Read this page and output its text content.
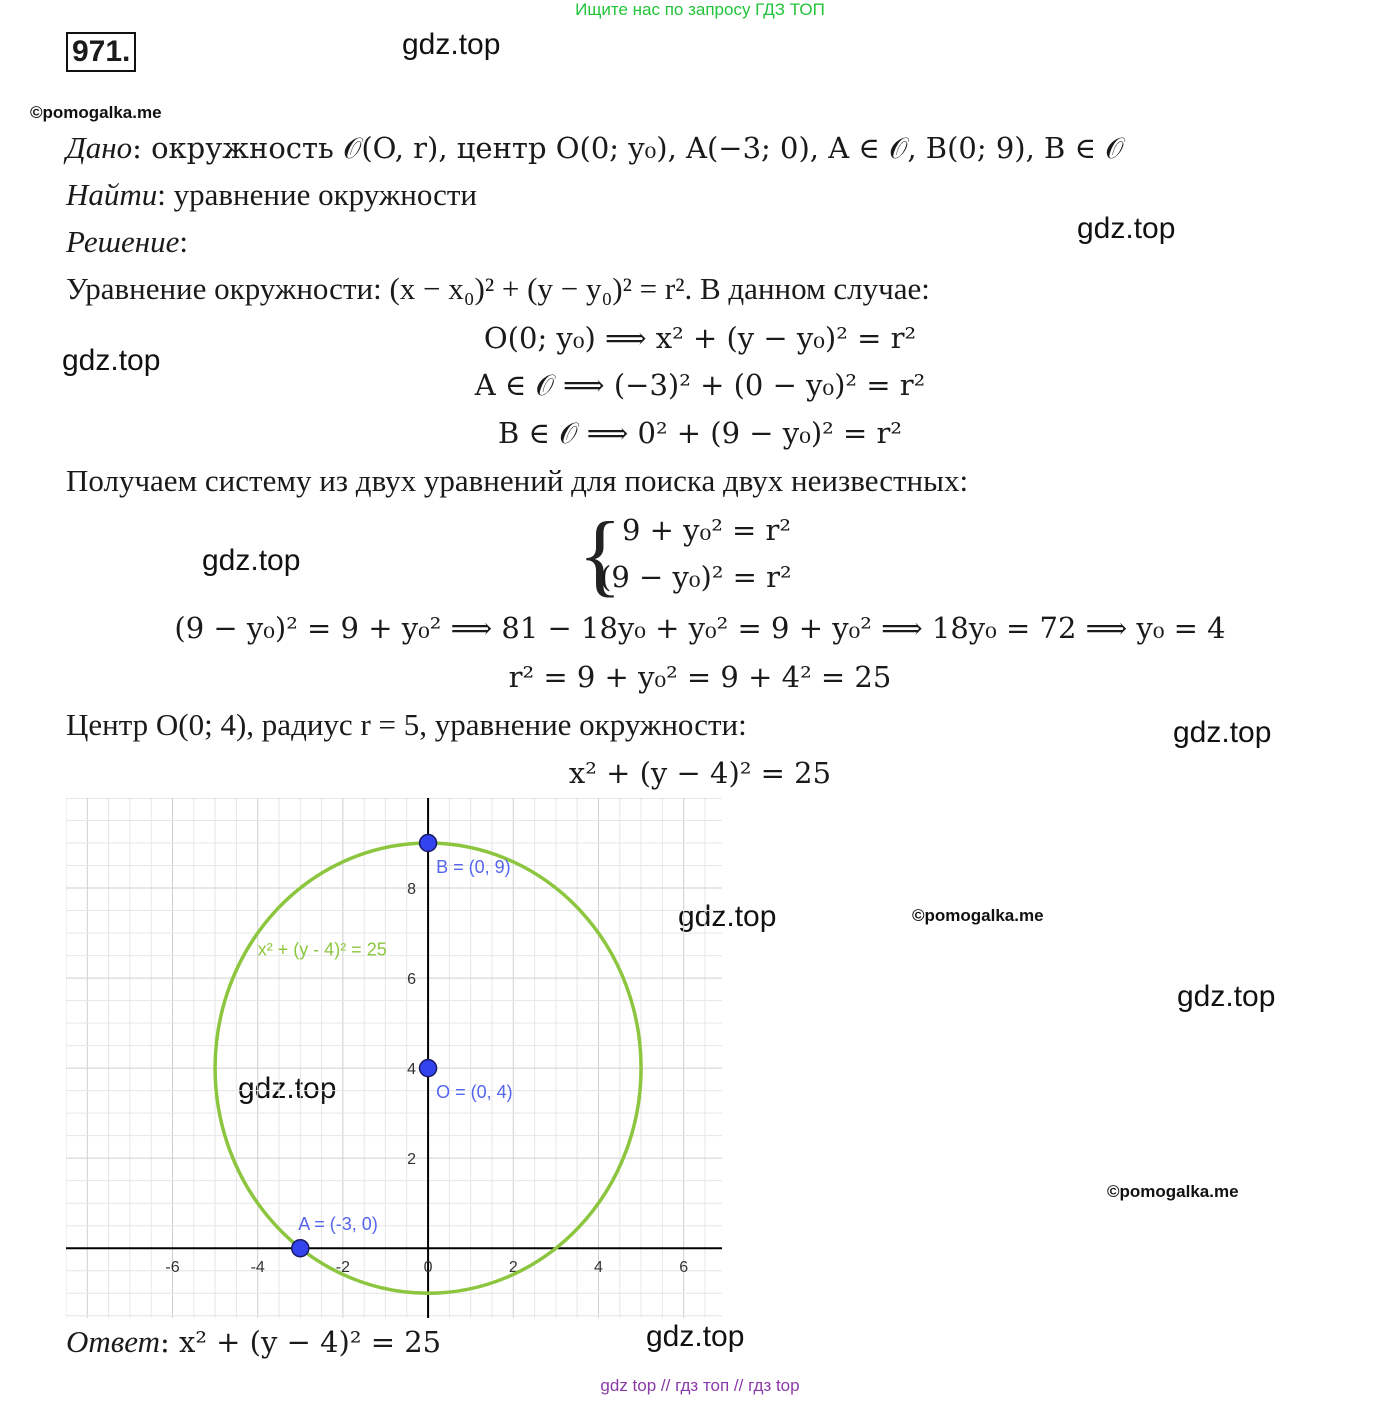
Ищите нас по запросу ГДЗ ТОП
971.	gdz.top
gdz.top
gdz.top
gdz.top
gdz.top
gdz.top
gdz.top
gdz.top
gdz.top
©pomogalka.me
©pomogalka.me
©pomogalka.me
Дано: окружность 𝒪(O, r), центр O(0; y₀), A(−3; 0), A ∈ 𝒪, B(0; 9), B ∈ 𝒪
Найти: уравнение окружности
Решение:
Уравнение окружности: (x − x₀)² + (y − y₀)² = r². В данном случае:
O(0; y₀) ⟹ x² + (y − y₀)² = r²
A ∈ 𝒪 ⟹ (−3)² + (0 − y₀)² = r²
B ∈ 𝒪 ⟹ 0² + (9 − y₀)² = r²
Получаем систему из двух уравнений для поиска двух неизвестных:
{ 9 + y₀² = r²
(9 − y₀)² = r²
(9 − y₀)² = 9 + y₀² ⟹ 81 − 18y₀ + y₀² = 9 + y₀² ⟹ 18y₀ = 72 ⟹ y₀ = 4
r² = 9 + y₀² = 9 + 4² = 25
Центр O(0; 4), радиус r = 5, уравнение окружности:
x² + (y − 4)² = 25
-6	-4	-2	0	2	4	6
2
4
6
8
x² + (y - 4)² = 25
B = (0, 9)
O = (0, 4)
A = (-3, 0)
Ответ: x² + (y − 4)² = 25
gdz top // гдз топ // гдз top
